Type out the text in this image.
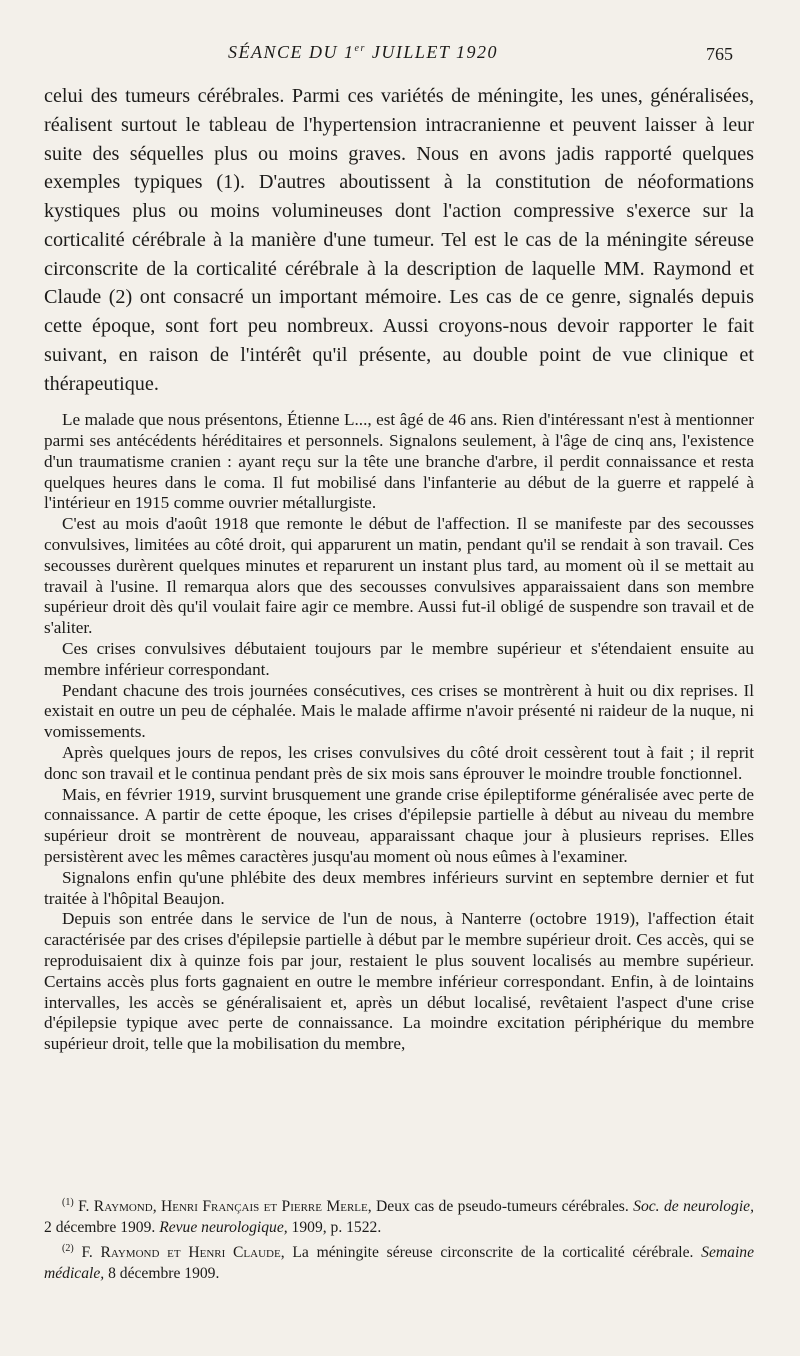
SÉANCE DU 1er JUILLET 1920	765

celui des tumeurs cérébrales. Parmi ces variétés de méningite, les unes, généralisées, réalisent surtout le tableau de l'hypertension intracranienne et peuvent laisser à leur suite des séquelles plus ou moins graves. Nous en avons jadis rapporté quelques exemples typiques (1). D'autres aboutissent à la constitution de néoformations kystiques plus ou moins volumineuses dont l'action compressive s'exerce sur la corticalité cérébrale à la manière d'une tumeur. Tel est le cas de la méningite séreuse circonscrite de la corticalité cérébrale à la description de laquelle MM. Raymond et Claude (2) ont consacré un important mémoire. Les cas de ce genre, signalés depuis cette époque, sont fort peu nombreux. Aussi croyons-nous devoir rapporter le fait suivant, en raison de l'intérêt qu'il présente, au double point de vue clinique et thérapeutique.

Le malade que nous présentons, Étienne L..., est âgé de 46 ans. Rien d'intéressant n'est à mentionner parmi ses antécédents héréditaires et personnels. Signalons seulement, à l'âge de cinq ans, l'existence d'un traumatisme cranien : ayant reçu sur la tête une branche d'arbre, il perdit connaissance et resta quelques heures dans le coma. Il fut mobilisé dans l'infanterie au début de la guerre et rappelé à l'intérieur en 1915 comme ouvrier métallurgiste.

C'est au mois d'août 1918 que remonte le début de l'affection. Il se manifeste par des secousses convulsives, limitées au côté droit, qui apparurent un matin, pendant qu'il se rendait à son travail. Ces secousses durèrent quelques minutes et reparurent un instant plus tard, au moment où il se mettait au travail à l'usine. Il remarqua alors que des secousses convulsives apparaissaient dans son membre supérieur droit dès qu'il voulait faire agir ce membre. Aussi fut-il obligé de suspendre son travail et de s'aliter.

Ces crises convulsives débutaient toujours par le membre supérieur et s'étendaient ensuite au membre inférieur correspondant.

Pendant chacune des trois journées consécutives, ces crises se montrèrent à huit ou dix reprises. Il existait en outre un peu de céphalée. Mais le malade affirme n'avoir présenté ni raideur de la nuque, ni vomissements.

Après quelques jours de repos, les crises convulsives du côté droit cessèrent tout à fait ; il reprit donc son travail et le continua pendant près de six mois sans éprouver le moindre trouble fonctionnel.

Mais, en février 1919, survint brusquement une grande crise épileptiforme généralisée avec perte de connaissance. A partir de cette époque, les crises d'épilepsie partielle à début au niveau du membre supérieur droit se montrèrent de nouveau, apparaissant chaque jour à plusieurs reprises. Elles persistèrent avec les mêmes caractères jusqu'au moment où nous eûmes à l'examiner.

Signalons enfin qu'une phlébite des deux membres inférieurs survint en septembre dernier et fut traitée à l'hôpital Beaujon.

Depuis son entrée dans le service de l'un de nous, à Nanterre (octobre 1919), l'affection était caractérisée par des crises d'épilepsie partielle à début par le membre supérieur droit. Ces accès, qui se reproduisaient dix à quinze fois par jour, restaient le plus souvent localisés au membre supérieur. Certains accès plus forts gagnaient en outre le membre inférieur correspondant. Enfin, à de lointains intervalles, les accès se généralisaient et, après un début localisé, revêtaient l'aspect d'une crise d'épilepsie typique avec perte de connaissance. La moindre excitation périphérique du membre supérieur droit, telle que la mobilisation du membre,

$^{(1)}$ F. Raymond, Henri Français et Pierre Merle, Deux cas de pseudo-tumeurs cérébrales. Soc. de neurologie, 2 décembre 1909. Revue neurologique, 1909, p. 1522.

$^{(2)}$ F. Raymond et Henri Claude, La méningite séreuse circonscrite de la corticalité cérébrale. Semaine médicale, 8 décembre 1909.
